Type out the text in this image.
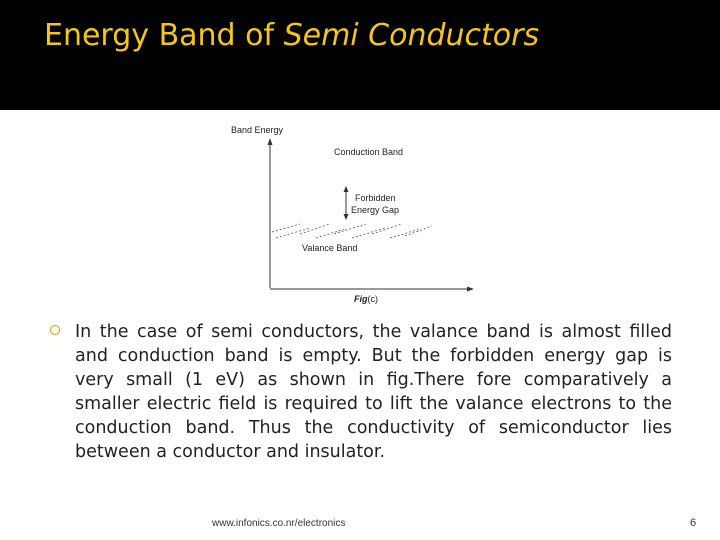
Energy Band of Semi Conductors
Band Energy
Conduction Band
Forbidden
Energy Gap
Valance Band
Fig(c)
In the case of semi conductors, the valance band is almost filled and conduction band is empty. But the forbidden energy gap is very small (1 eV) as shown in fig.There fore comparatively a smaller electric field is required to lift the valance electrons to the conduction band. Thus the conductivity of semiconductor lies between a conductor and insulator.
www.infonics.co.nr/electronics	6
